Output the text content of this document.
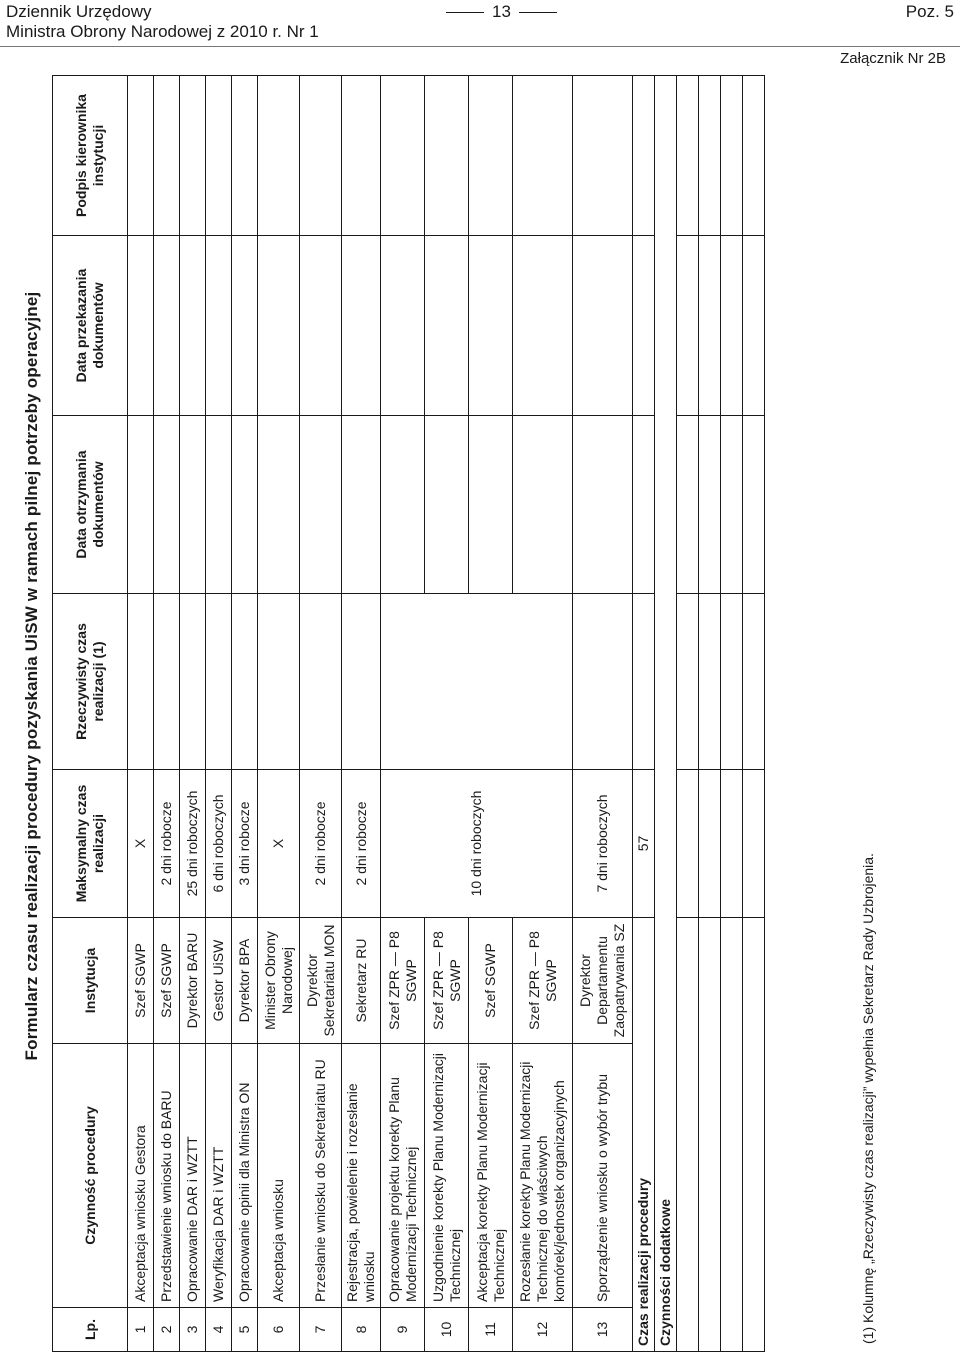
Dziennik Urzędowy
Ministra Obrony Narodowej z 2010 r. Nr 1
13	Poz. 5
Załącznik Nr 2B
Formularz czasu realizacji procedury pozyskania UiSW w ramach pilnej potrzeby operacyjnej
Lp.	Czynność procedury	Instytucja	Maksymalny czas realizacji	Rzeczywisty czas realizacji (1)	Data otrzymania dokumentów	Data przekazania dokumentów	Podpis kierownika instytucji
1	Akceptacja wniosku Gestora	Szef SGWP	X				
2	Przedstawienie wniosku do BARU	Szef SGWP	2 dni robocze				
3	Opracowanie DAR i WZTT	Dyrektor BARU	25 dni roboczych				
4	Weryfikacja DAR i WZTT	Gestor UiSW	6 dni roboczych				
5	Opracowanie opinii dla Ministra ON	Dyrektor BPA	3 dni robocze				
6	Akceptacja wniosku	Minister Obrony Narodowej	X				
7	Przesłanie wniosku do Sekretariatu RU	Dyrektor Sekretariatu MON	2 dni robocze				
8	Rejestracja, powielenie i rozesłanie wniosku	Sekretarz RU	2 dni robocze				
9	Opracowanie projektu korekty Planu Modernizacji Technicznej	Szef ZPR — P8 SGWP	10 dni roboczych				
10	Uzgodnienie korekty Planu Modernizacji Technicznej	Szef ZPR — P8 SGWP					
11	Akceptacja korekty Planu Modernizacji Technicznej	Szef SGWP					
12	Rozesłanie korekty Planu Modernizacji Technicznej do właściwych komórek/jednostek organizacyjnych	Szef ZPR — P8 SGWP					
13	Sporządzenie wniosku o wybór trybu	Dyrektor Departamentu Zaopatrywania SZ	7 dni roboczych				
Czas realizacji procedury			57				
Czynności dodatkowe							

						(1) Kolumnę „Rzeczywisty czas realizacji” wypełnia Sekretarz Rady Uzbrojenia.
